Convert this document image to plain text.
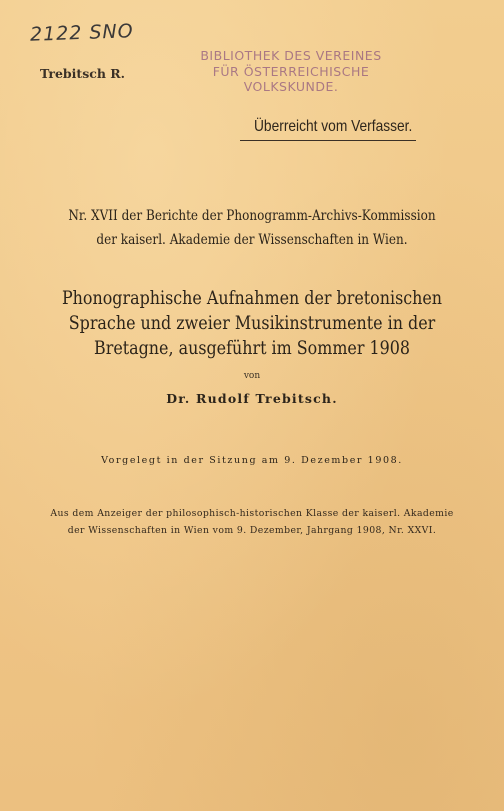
2122 SNO
Trebitsch R.
BIBLIOTHEK DES VEREINES
FÜR ÖSTERREICHISCHE VOLKSKUNDE.
Überreicht vom Verfasser.
Nr. XVII der Berichte der Phonogramm-Archivs-Kommission
der kaiserl. Akademie der Wissenschaften in Wien.
Phonographische Aufnahmen der bretonischen
Sprache und zweier Musikinstrumente in der
Bretagne, ausgeführt im Sommer 1908
von
Dr. Rudolf Trebitsch.
Vorgelegt in der Sitzung am 9. Dezember 1908.
Aus dem Anzeiger der philosophisch-historischen Klasse der kaiserl. Akademie
der Wissenschaften in Wien vom 9. Dezember, Jahrgang 1908, Nr. XXVI.
